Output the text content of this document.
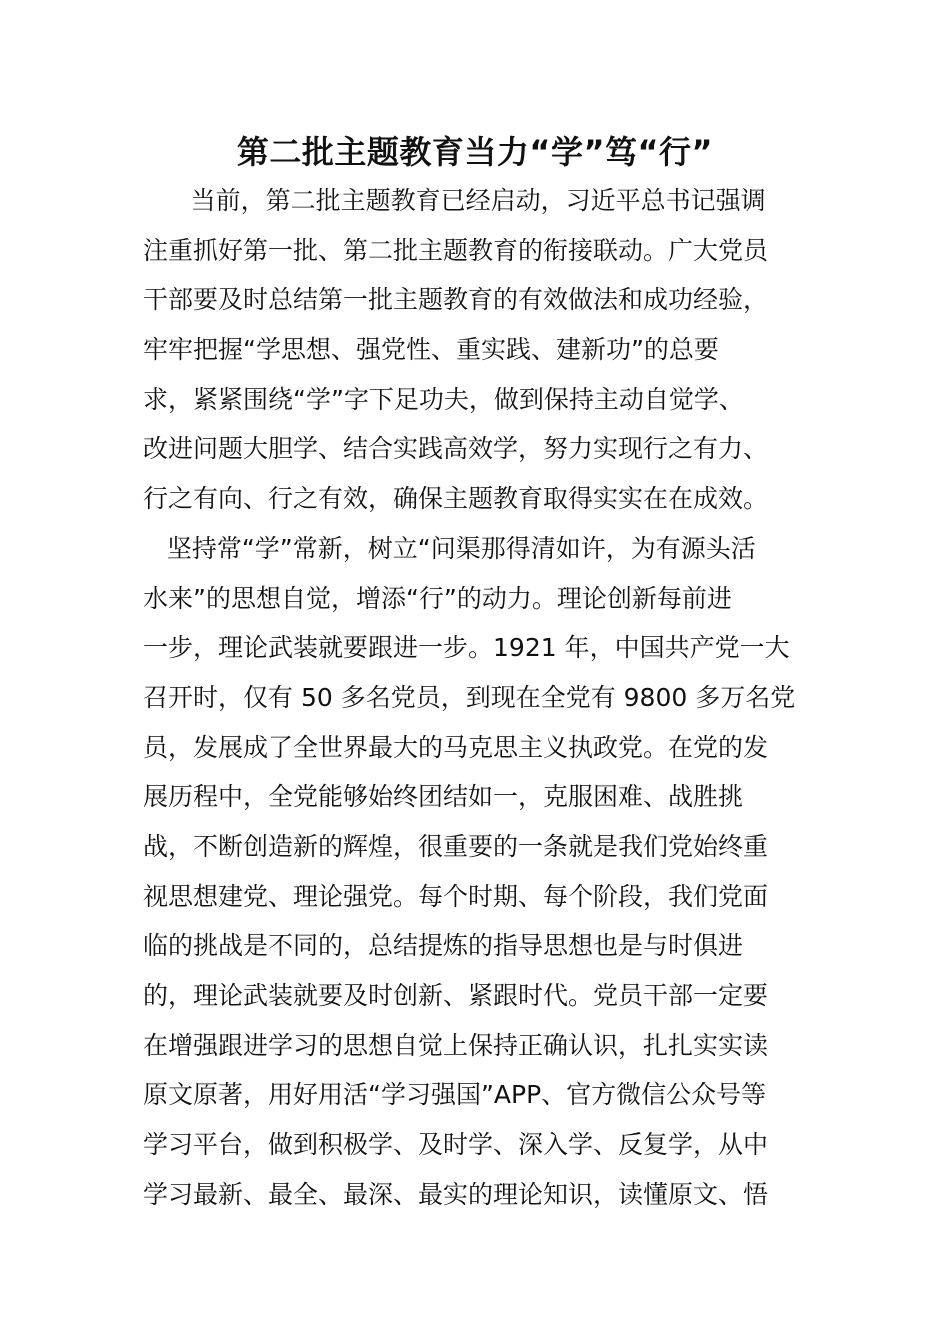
第二批主题教育当力“学”笃“行”
当前，第二批主题教育已经启动，习近平总书记强调
注重抓好第一批、第二批主题教育的衔接联动。广大党员
干部要及时总结第一批主题教育的有效做法和成功经验，
牢牢把握“学思想、强党性、重实践、建新功”的总要
求，紧紧围绕“学”字下足功夫，做到保持主动自觉学、
改进问题大胆学、结合实践高效学，努力实现行之有力、
行之有向、行之有效，确保主题教育取得实实在在成效。
坚持常“学”常新，树立“问渠那得清如许，为有源头活
水来”的思想自觉，增添“行”的动力。理论创新每前进
一步，理论武装就要跟进一步。1921 年，中国共产党一大
召开时，仅有 50 多名党员，到现在全党有 9800 多万名党
员，发展成了全世界最大的马克思主义执政党。在党的发
展历程中，全党能够始终团结如一，克服困难、战胜挑
战，不断创造新的辉煌，很重要的一条就是我们党始终重
视思想建党、理论强党。每个时期、每个阶段，我们党面
临的挑战是不同的，总结提炼的指导思想也是与时俱进
的，理论武装就要及时创新、紧跟时代。党员干部一定要
在增强跟进学习的思想自觉上保持正确认识，扎扎实实读
原文原著，用好用活“学习强国”APP、官方微信公众号等
学习平台，做到积极学、及时学、深入学、反复学，从中
学习最新、最全、最深、最实的理论知识，读懂原文、悟
